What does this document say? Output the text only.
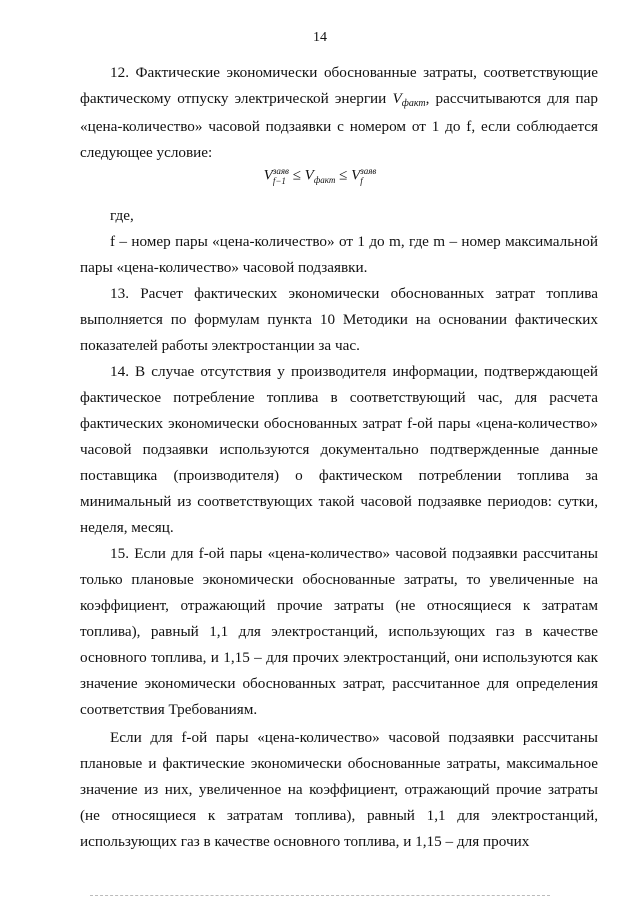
14

12. Фактические экономически обоснованные затраты, соответствующие фактическому отпуску электрической энергии Vфакт, рассчитываются для пар «цена-количество» часовой подзаявки с номером от 1 до f, если соблюдается следующее условие:

V заяв
$f-1 \le V_{факт} \le V$ заяв
f

где,

f – номер пары «цена-количество» от 1 до m, где m – номер максимальной пары «цена-количество» часовой подзаявки.

13. Расчет фактических экономически обоснованных затрат топлива выполняется по формулам пункта 10 Методики на основании фактических показателей работы электростанции за час.

14. В случае отсутствия у производителя информации, подтверждающей фактическое потребление топлива в соответствующий час, для расчета фактических экономически обоснованных затрат f-ой пары «цена-количество» часовой подзаявки используются документально подтвержденные данные поставщика (производителя) о фактическом потреблении топлива за минимальный из соответствующих такой часовой подзаявке периодов: сутки, неделя, месяц.

15. Если для f-ой пары «цена-количество» часовой подзаявки рассчитаны только плановые экономически обоснованные затраты, то увеличенные на коэффициент, отражающий прочие затраты (не относящиеся к затратам топлива), равный 1,1 для электростанций, использующих газ в качестве основного топлива, и 1,15 – для прочих электростанций, они используются как значение экономически обоснованных затрат, рассчитанное для определения соответствия Требованиям.

Если для f-ой пары «цена-количество» часовой подзаявки рассчитаны плановые и фактические экономически обоснованные затраты, максимальное значение из них, увеличенное на коэффициент, отражающий прочие затраты (не относящиеся к затратам топлива), равный 1,1 для электростанций, использующих газ в качестве основного топлива, и 1,15 – для прочих
